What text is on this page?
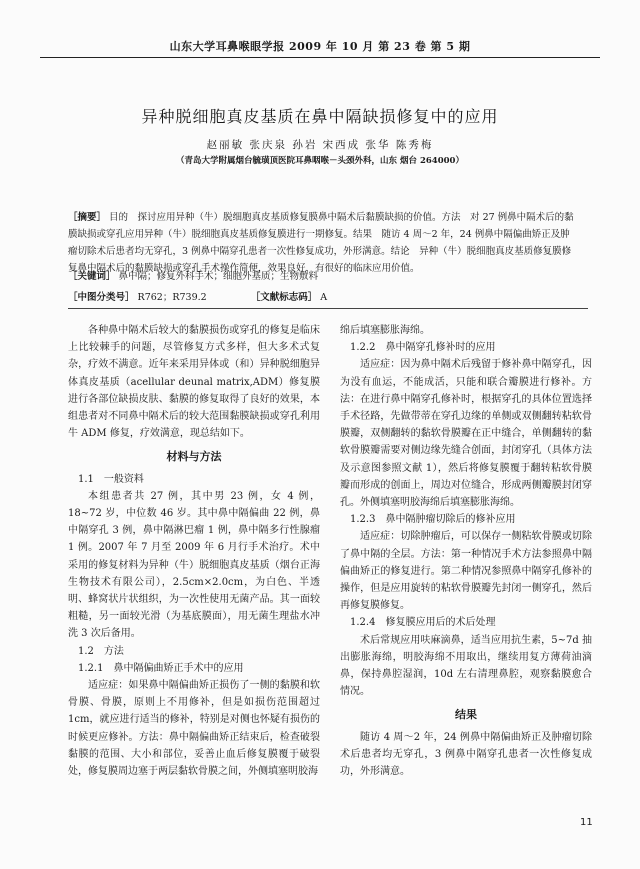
山东大学耳鼻喉眼学报 2009 年 10 月 第 23 卷 第 5 期
异种脱细胞真皮基质在鼻中隔缺损修复中的应用
赵丽敏 张庆泉 孙岩 宋西成 张华 陈秀梅
（青岛大学附属烟台毓璜顶医院耳鼻咽喉－头颈外科，山东 烟台 264000）
［摘要］ 目的　探讨应用异种（牛）脱细胞真皮基质修复膜鼻中隔术后黏膜缺损的价值。方法　对 27 例鼻中隔术后的黏膜缺损或穿孔应用异种（牛）脱细胞真皮基质修复膜进行一期修复。结果　随访 4 周～2 年，24 例鼻中隔偏曲矫正及肿瘤切除术后患者均无穿孔，3 例鼻中隔穿孔患者一次性修复成功，外形满意。结论　异种（牛）脱细胞真皮基质修复膜修复鼻中隔术后的黏膜缺损或穿孔手术操作简便，效果良好，有很好的临床应用价值。
［关键词］ 鼻中隔；修复外科手术；细胞外基质；生物敷料
［中图分类号］ R762；R739.2	［文献标志码］ A

各种鼻中隔术后较大的黏膜损伤或穿孔的修复是临床上比较棘手的问题，尽管修复方式多样，但大多术式复杂，疗效不满意。近年来采用异体或（和）异种脱细胞异体真皮基质（acellular deunal matrix,ADM）修复膜进行各部位缺损皮肤、黏膜的修复取得了良好的效果，本组患者对不同鼻中隔术后的较大范围黏膜缺损或穿孔利用牛 ADM 修复，疗效满意，现总结如下。

材料与方法

1.1　一般资料

本组患者共 27 例，其中男 23 例，女 4 例，18~72 岁，中位数 46 岁。其中鼻中隔偏曲 22 例，鼻中隔穿孔 3 例，鼻中隔淋巴瘤 1 例，鼻中隔多行性腺瘤 1 例。2007 年 7 月至 2009 年 6 月行手术治疗。术中采用的修复材料为异种（牛）脱细胞真皮基质（烟台正海生物技术有限公司），2.5cm×2.0cm，为白色、半透明、蜂窝状片状组织，为一次性使用无菌产品。其一面较粗糙，另一面较光滑（为基底膜面），用无菌生理盐水冲洗 3 次后备用。

1.2　方法

1.2.1　鼻中隔偏曲矫正手术中的应用

适应症：如果鼻中隔偏曲矫正损伤了一侧的黏膜和软骨膜、骨膜，原则上不用修补，但是如损伤范围超过 1cm，就应进行适当的修补，特别是对侧也怀疑有损伤的时候更应修补。方法：鼻中隔偏曲矫正结束后，检查破裂黏膜的范围、大小和部位，妥善止血后修复膜覆于破裂处，修复膜周边塞于两层黏软骨膜之间，外侧填塞明胶海

绵后填塞膨胀海绵。

1.2.2　鼻中隔穿孔修补时的应用

适应症：因为鼻中隔术后残留于修补鼻中隔穿孔，因为没有血运，不能成活，只能和联合瓣膜进行修补。方法：在进行鼻中隔穿孔修补时，根据穿孔的具体位置选择手术径路，先做带蒂在穿孔边缘的单侧或双侧翻转粘软骨膜瓣，双侧翻转的黏软骨膜瓣在正中缝合，单侧翻转的黏软骨膜瓣需要对侧边缘先缝合创面，封闭穿孔（具体方法及示意图参照文献 1），然后将修复膜覆于翻转粘软骨膜瓣而形成的创面上，周边对位缝合，形成两侧瓣膜封闭穿孔。外侧填塞明胶海绵后填塞膨胀海绵。

1.2.3　鼻中隔肿瘤切除后的修补应用

适应症：切除肿瘤后，可以保存一侧粘软骨膜或切除了鼻中隔的全层。方法：第一种情况手术方法参照鼻中隔偏曲矫正的修复进行。第二种情况参照鼻中隔穿孔修补的操作，但是应用旋转的粘软骨膜瓣先封闭一侧穿孔，然后再修复膜修复。

1.2.4　修复膜应用后的术后处理

术后常规应用呋麻滴鼻，适当应用抗生素，5~7d 抽出膨胀海绵，明胶海绵不用取出，继续用复方薄荷油滴鼻，保持鼻腔湿润，10d 左右清理鼻腔，观察黏膜愈合情况。

结果

随访 4 周～2 年，24 例鼻中隔偏曲矫正及肿瘤切除术后患者均无穿孔，3 例鼻中隔穿孔患者一次性修复成功，外形满意。

11
